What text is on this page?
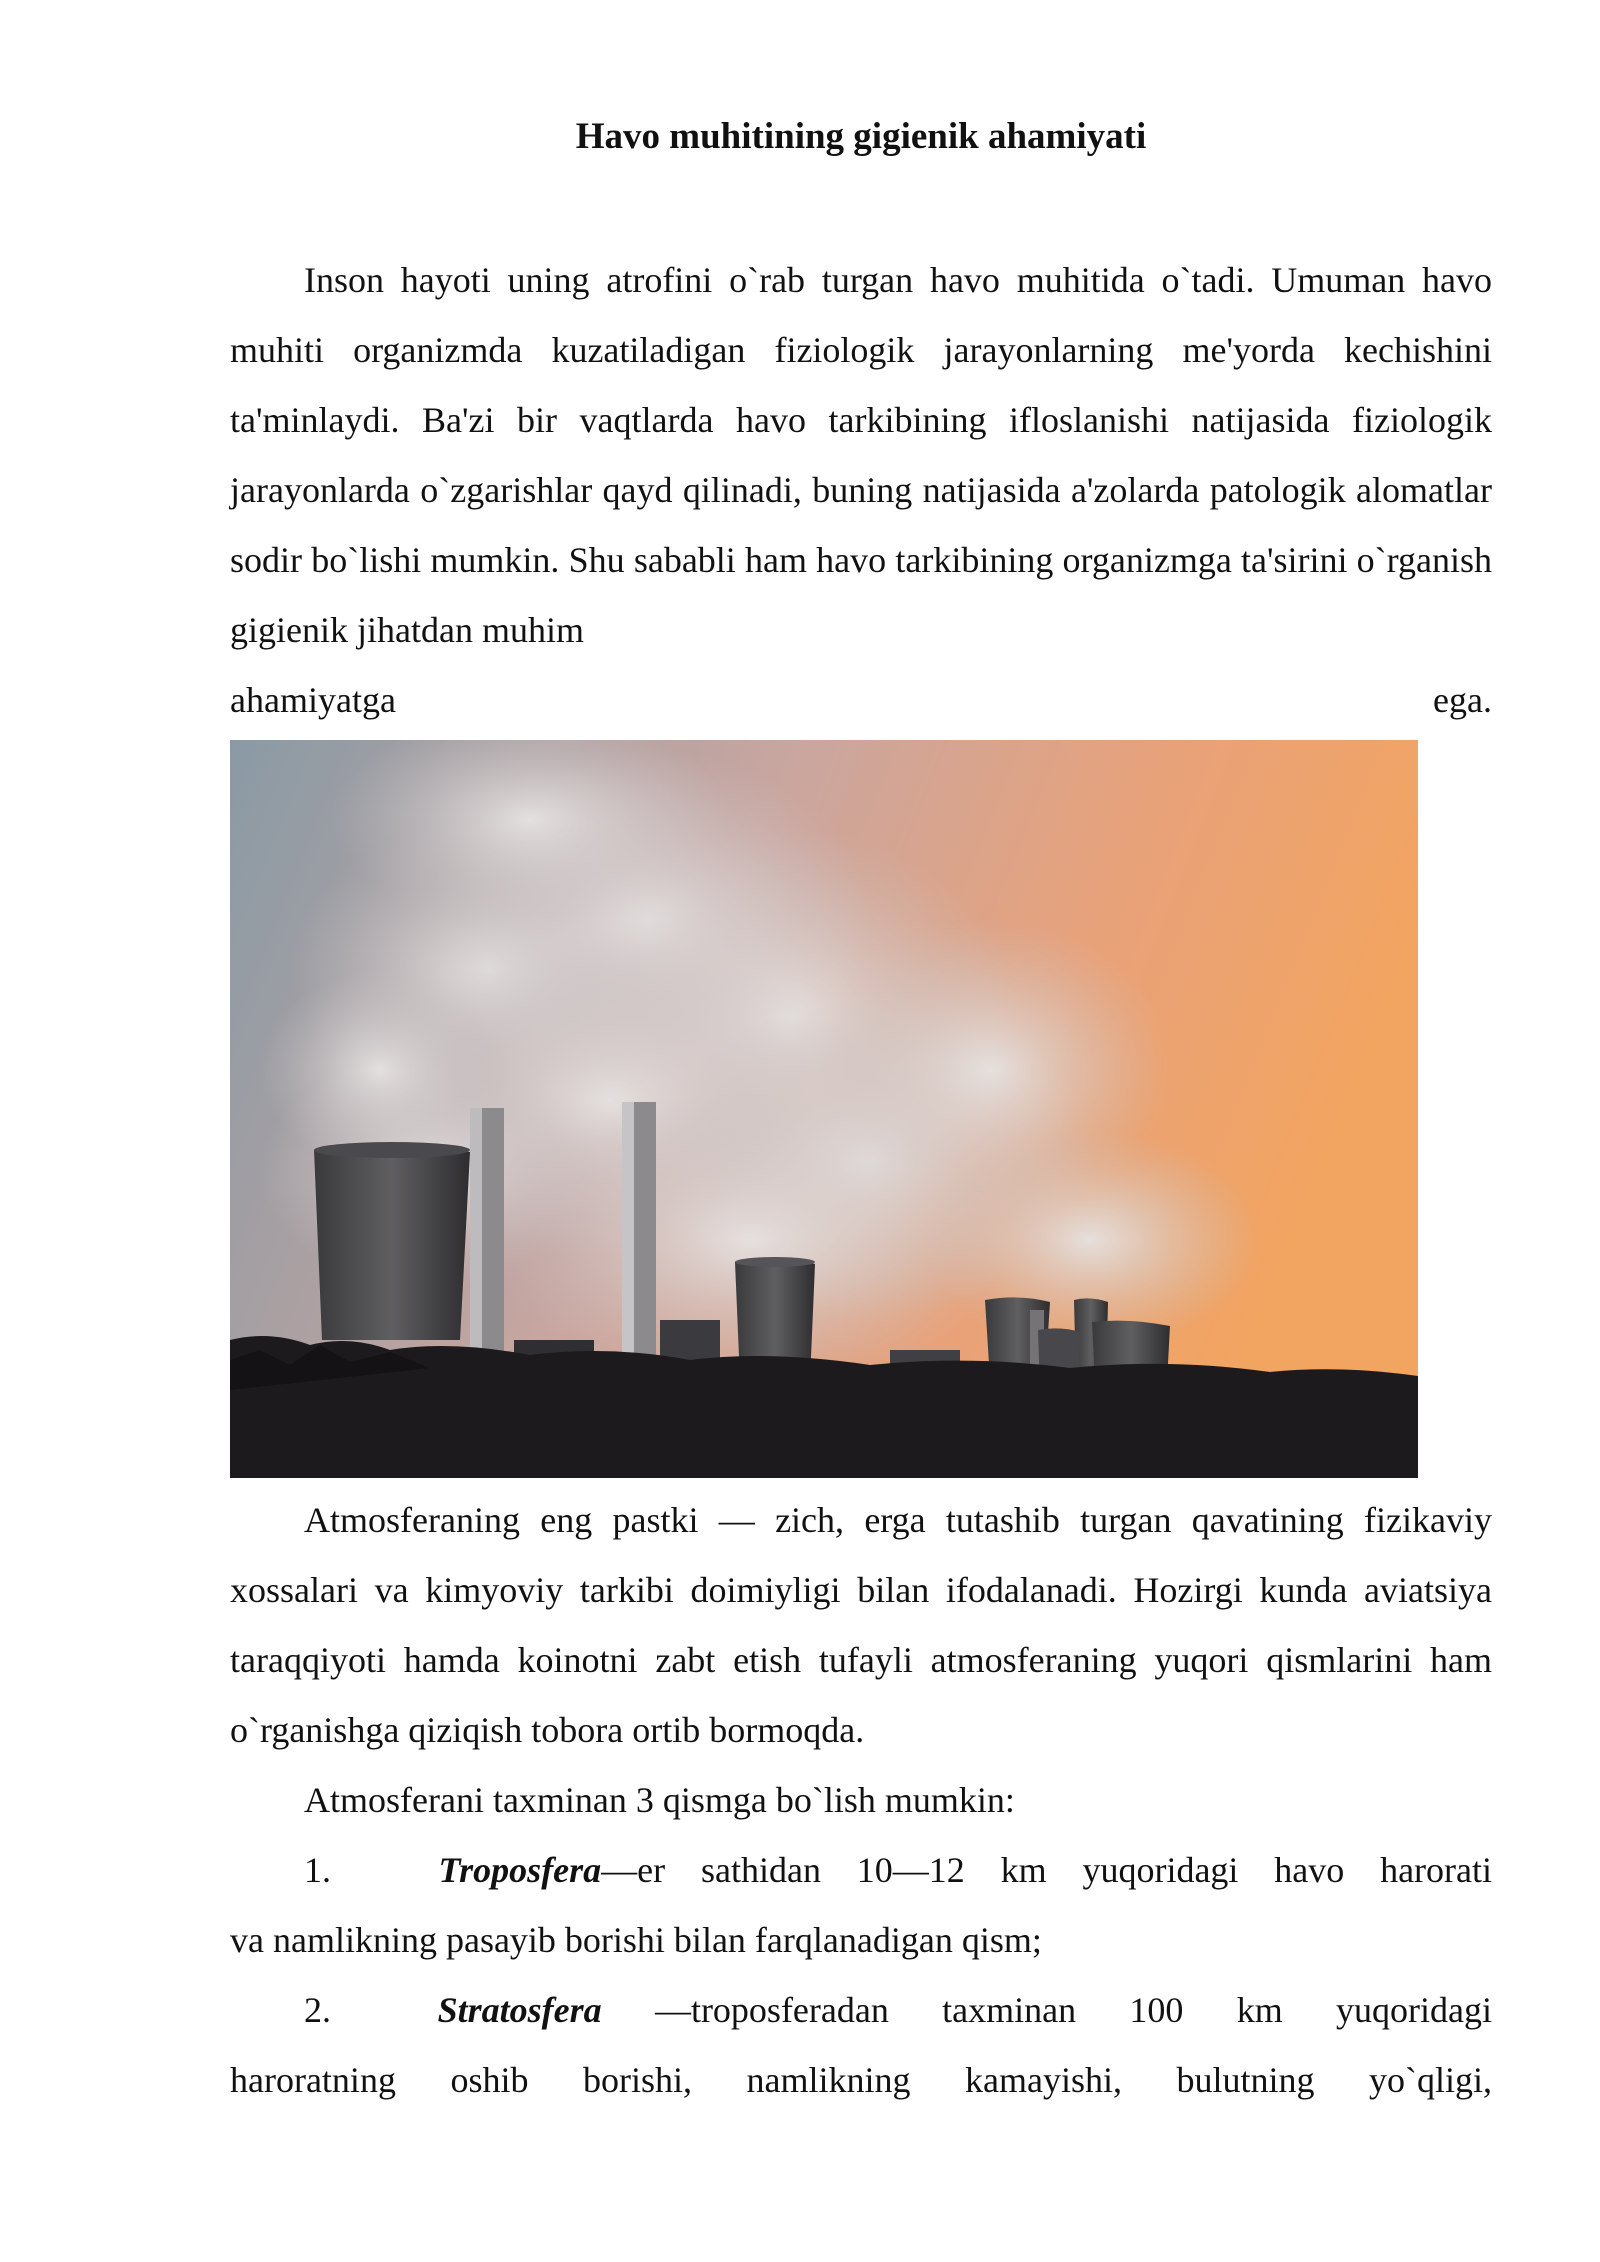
Havo muhitining gigienik ahamiyati
Inson hayoti uning atrofini o`rab turgan havo muhitida o`tadi. Umuman havo muhiti organizmda kuzatiladigan fiziologik jarayonlarning me'yorda kechishini ta'minlaydi. Ba'zi bir vaqtlarda havo tarkibining ifloslanishi natijasida fiziologik jarayonlarda o`zgarishlar qayd qilinadi, buning natijasida a'zolarda patologik alomatlar sodir bo`lishi mumkin. Shu sababli ham havo tarkibining organizmga ta'sirini o`rganish gigienik jihatdan muhim
ahamiyatga	ega.
Atmosferaning eng pastki — zich, erga tutashib turgan qavatining fizikaviy xossalari va kimyoviy tarkibi doimiyligi bilan ifodalanadi. Hozirgi kunda aviatsiya taraqqiyoti hamda koinotni zabt etish tufayli atmosferaning yuqori qismlarini ham o`rganishga qiziqish tobora ortib bormoqda.
Atmosferani taxminan 3 qismga bo`lish mumkin:
1.	Troposfera—er sathidan 10—12 km yuqoridagi havo harorati
va namlikning pasayib borishi bilan farqlanadigan qism;
2.	Stratosfera —troposferadan taxminan 100 km yuqoridagi
haroratning oshib borishi, namlikning kamayishi, bulutning yo`qligi,
